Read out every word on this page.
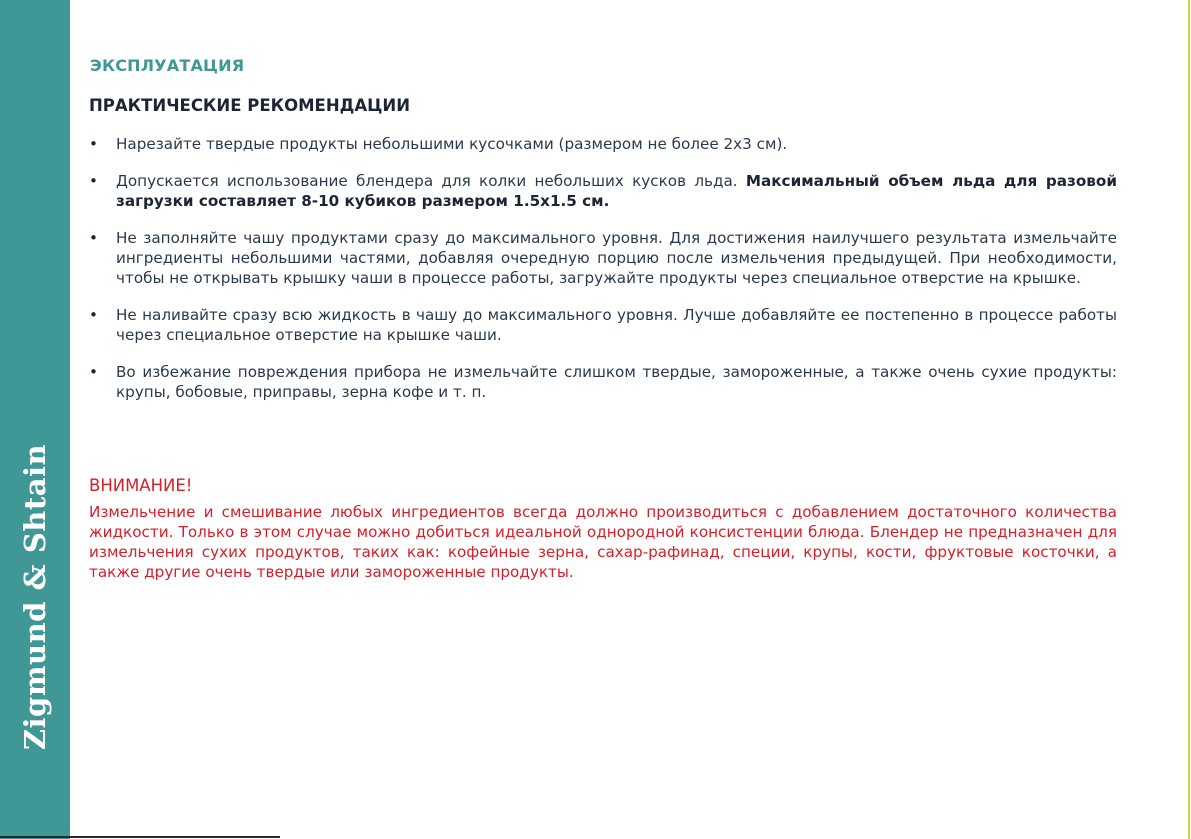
Zigmund & Shtain
ЭКСПЛУАТАЦИЯ
ПРАКТИЧЕСКИЕ РЕКОМЕНДАЦИИ
• Нарезайте твердые продукты небольшими кусочками (размером не более 2х3 см).
• Допускается использование блендера для колки небольших кусков льда. Максимальный объем льда для разовой загрузки составляет 8-10 кубиков размером 1.5х1.5 см.
• Не заполняйте чашу продуктами сразу до максимального уровня. Для достижения наилучшего результата измельчайте ингредиенты небольшими частями, добавляя очередную порцию после измельчения предыдущей. При необходимости, чтобы не открывать крышку чаши в процессе работы, загружайте продукты через специальное отверстие на крышке.
• Не наливайте сразу всю жидкость в чашу до максимального уровня. Лучше добавляйте ее постепенно в процессе работы через специальное отверстие на крышке чаши.
• Во избежание повреждения прибора не измельчайте слишком твердые, замороженные, а также очень сухие продукты: крупы, бобовые, приправы, зерна кофе и т. п.
ВНИМАНИЕ!

Измельчение и смешивание любых ингредиентов всегда должно производиться с добавлением достаточного количества жидкости. Только в этом случае можно добиться идеальной однородной консистенции блюда. Блендер не предназначен для измельчения сухих продуктов, таких как: кофейные зерна, сахар-рафинад, специи, крупы, кости, фруктовые косточки, а также другие очень твердые или замороженные продукты.
